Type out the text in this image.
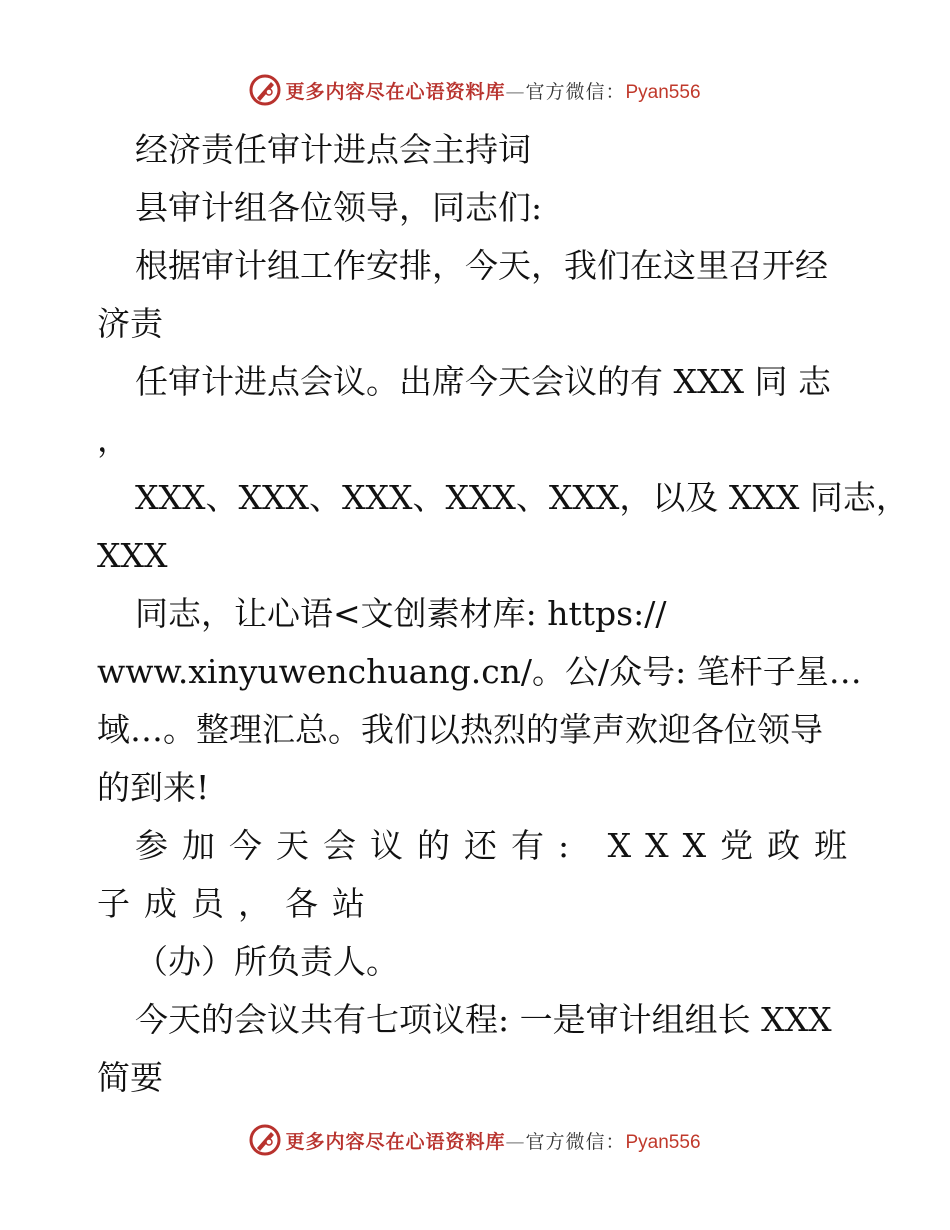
更多内容尽在心语资料库—官方微信：Pyan556
经济责任审计进点会主持词
县审计组各位领导，同志们:
根据审计组工作安排，今天，我们在这里召开经
济责
任审计进点会议。出席今天会议的有 XXX 同 志
，
XXX、XXX、XXX、XXX、XXX，以及 XXX 同志，
XXX
同志，让心语<文创素材库: https://
www.xinyuwenchuang.cn/。公/众号: 笔杆子星…
域…。整理汇总。我们以热烈的掌声欢迎各位领导
的到来!
参加今天会议的还有: XXX党政班
子成员，各站
（办）所负责人。
今天的会议共有七项议程: 一是审计组组长 XXX
简要
更多内容尽在心语资料库—官方微信：Pyan556
